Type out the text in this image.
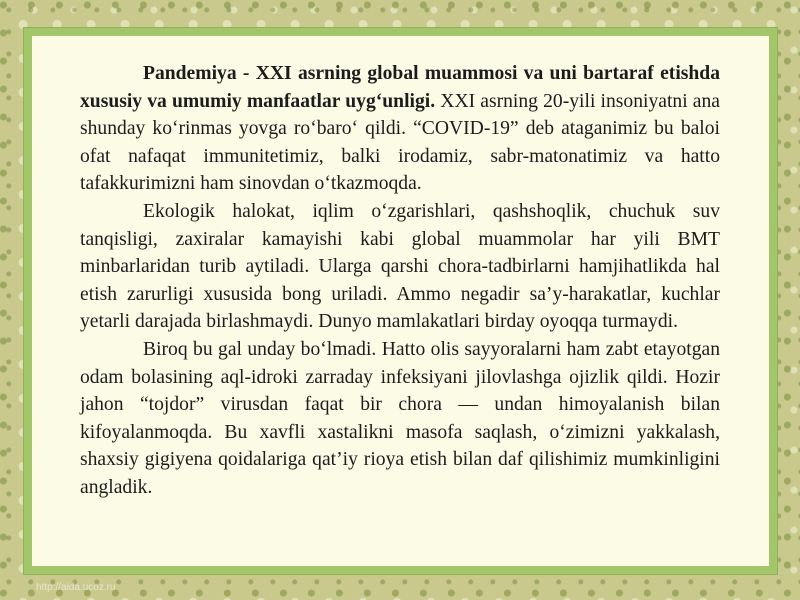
Pandemiya - XXI asrning global muammosi va uni bartaraf etishda xususiy va umumiy manfaatlar uyg‘unligi. XXI asrning 20-yili insoniyatni ana shunday ko‘rinmas yovga ro‘baro‘ qildi. “COVID-19” deb ataganimiz bu baloi ofat nafaqat immunitetimiz, balki irodamiz, sabr-matonatimiz va hatto tafakkurimizni ham sinovdan o‘tkazmoqda.

Ekologik halokat, iqlim o‘zgarishlari, qashshoqlik, chuchuk suv tanqisligi, zaxiralar kamayishi kabi global muammolar har yili BMT minbarlaridan turib aytiladi. Ularga qarshi chora-tadbirlarni hamjihatlikda hal etish zarurligi xususida bong uriladi. Ammo negadir sa’y-harakatlar, kuchlar yetarli darajada birlashmaydi. Dunyo mamlakatlari birday oyoqqa turmaydi.

Biroq bu gal unday bo‘lmadi. Hatto olis sayyoralarni ham zabt etayotgan odam bolasining aql-idroki zarraday infeksiyani jilovlashga ojizlik qildi. Hozir jahon “tojdor” virusdan faqat bir chora — undan himoyalanish bilan kifoyalanmoqda. Bu xavfli xastalikni masofa saqlash, o‘zimizni yakkalash, shaxsiy gigiyena qoidalariga qat’iy rioya etish bilan daf qilishimiz mumkinligini angladik.

http://aida.ucoz.ru
